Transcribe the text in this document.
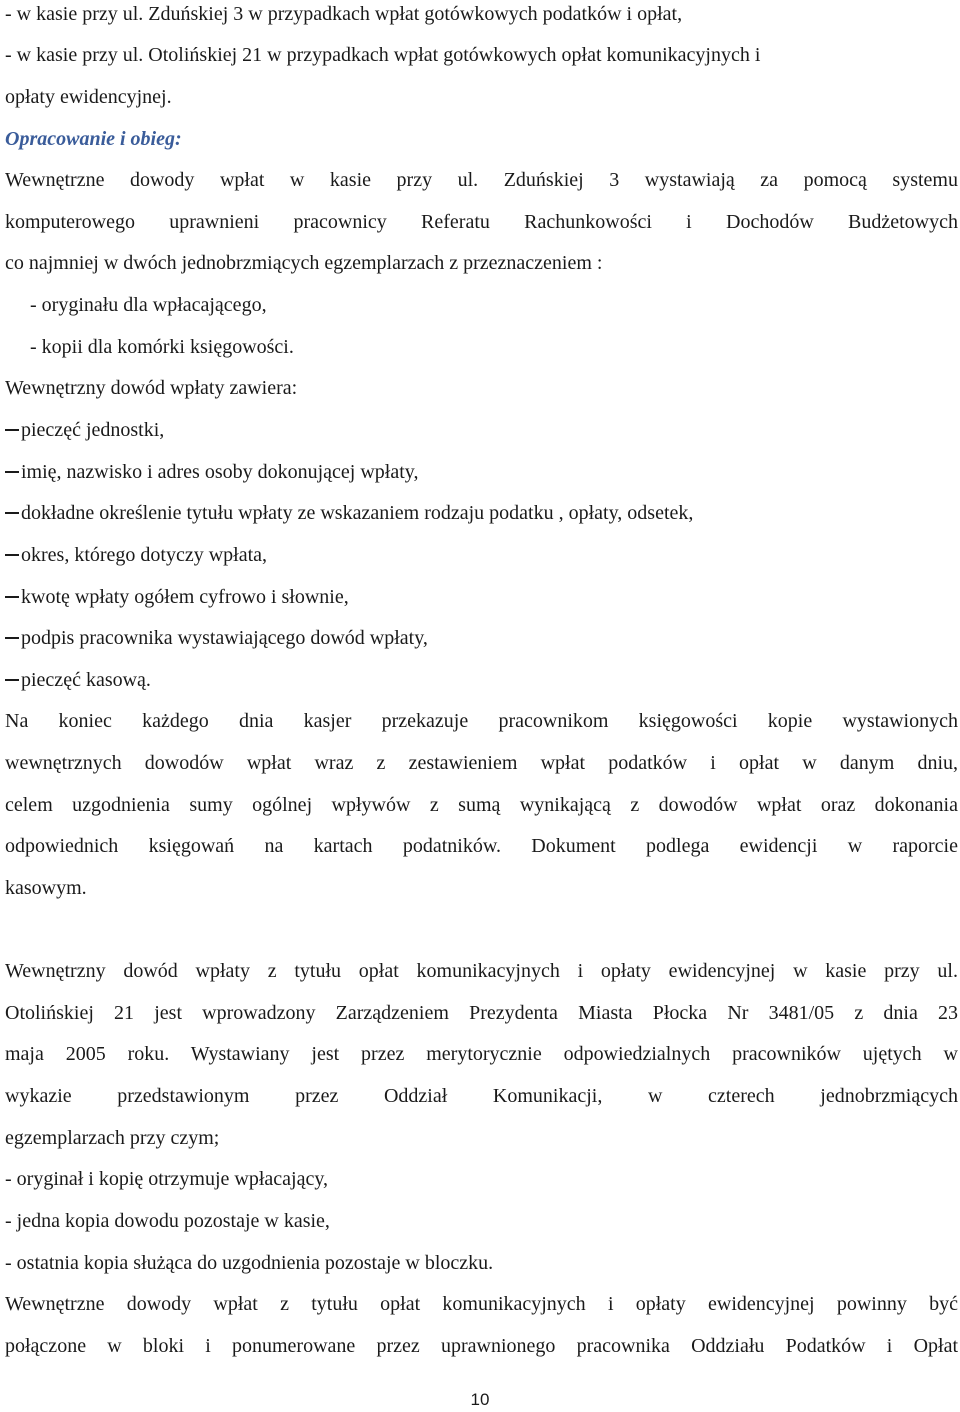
- w kasie przy ul. Zduńskiej 3 w przypadkach wpłat gotówkowych podatków i opłat,
- w kasie przy ul. Otolińskiej 21 w przypadkach wpłat gotówkowych opłat komunikacyjnych i
opłaty ewidencyjnej.
Opracowanie i obieg:
Wewnętrzne dowody wpłat w kasie przy ul. Zduńskiej 3 wystawiają za pomocą systemu
komputerowego uprawnieni pracownicy Referatu Rachunkowości i Dochodów Budżetowych
co najmniej w dwóch jednobrzmiących egzemplarzach z przeznaczeniem :
- oryginału dla wpłacającego,
- kopii dla komórki księgowości.
Wewnętrzny dowód wpłaty zawiera:
pieczęć jednostki,
imię, nazwisko i adres osoby dokonującej wpłaty,
dokładne określenie tytułu wpłaty ze wskazaniem rodzaju podatku , opłaty, odsetek,
okres, którego dotyczy wpłata,
kwotę wpłaty ogółem cyfrowo i słownie,
podpis pracownika wystawiającego dowód wpłaty,
pieczęć kasową.
Na koniec każdego dnia kasjer przekazuje pracownikom księgowości kopie wystawionych
wewnętrznych dowodów wpłat wraz z zestawieniem wpłat podatków i opłat w danym dniu,
celem uzgodnienia sumy ogólnej wpływów z sumą wynikającą z dowodów wpłat oraz dokonania
odpowiednich księgowań na kartach podatników. Dokument podlega ewidencji w raporcie
kasowym.
Wewnętrzny dowód wpłaty z tytułu opłat komunikacyjnych i opłaty ewidencyjnej w kasie przy ul.
Otolińskiej 21 jest wprowadzony Zarządzeniem Prezydenta Miasta Płocka Nr 3481/05 z dnia 23
maja 2005 roku. Wystawiany jest przez merytorycznie odpowiedzialnych pracowników ujętych w
wykazie przedstawionym przez Oddział Komunikacji, w czterech jednobrzmiących
egzemplarzach przy czym;
- oryginał i kopię otrzymuje wpłacający,
- jedna kopia dowodu pozostaje w kasie,
- ostatnia kopia służąca do uzgodnienia pozostaje w bloczku.
Wewnętrzne dowody wpłat z tytułu opłat komunikacyjnych i opłaty ewidencyjnej powinny być
połączone w bloki i ponumerowane przez uprawnionego pracownika Oddziału Podatków i Opłat
10
